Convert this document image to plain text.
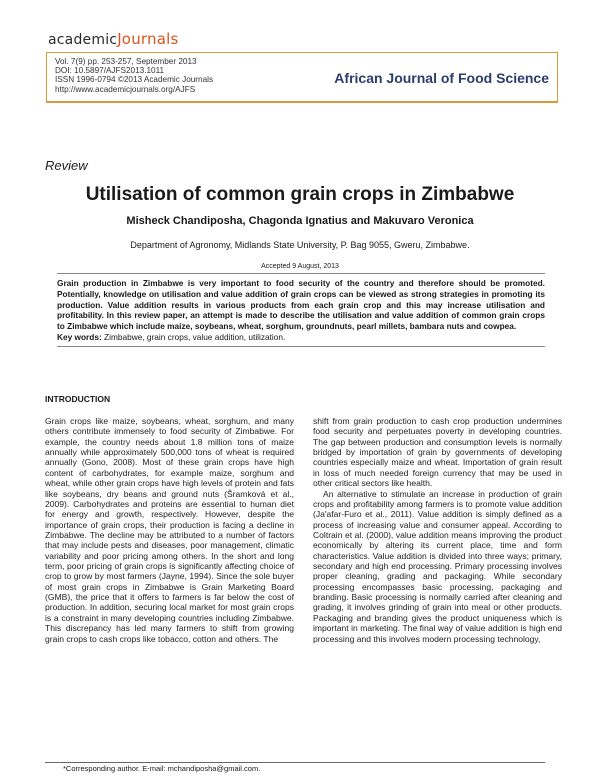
academicJournals
Vol. 7(9) pp. 253-257, September 2013
DOI: 10.5897/AJFS2013.1011
ISSN 1996-0794 ©2013 Academic Journals
http://www.academicjournals.org/AJFS
African Journal of Food Science
Review
Utilisation of common grain crops in Zimbabwe
Misheck Chandiposha, Chagonda Ignatius and Makuvaro Veronica
Department of Agronomy, Midlands State University, P. Bag 9055, Gweru, Zimbabwe.
Accepted 9 August, 2013
Grain production in Zimbabwe is very important to food security of the country and therefore should be promoted. Potentially, knowledge on utilisation and value addition of grain crops can be viewed as strong strategies in promoting its production. Value addition results in various products from each grain crop and this may increase utilisation and profitability. In this review paper, an attempt is made to describe the utilisation and value addition of common grain crops to Zimbabwe which include maize, soybeans, wheat, sorghum, groundnuts, pearl millets, bambara nuts and cowpea.
Key words: Zimbabwe, grain crops, value addition, utilization.
INTRODUCTION

Grain crops like maize, soybeans, wheat, sorghum, and many others contribute immensely to food security of Zimbabwe. For example, the country needs about 1.8 million tons of maize annually while approximately 500,000 tons of wheat is required annually (Gono, 2008). Most of these grain crops have high content of carbohydrates, for example maize, sorghum and wheat, while other grain crops have high levels of protein and fats like soybeans, dry beans and ground nuts (Šramková et al., 2009). Carbohydrates and proteins are essential to human diet for energy and growth, respectively. However, despite the importance of grain crops, their production is facing a decline in Zimbabwe. The decline may be attributed to a number of factors that may include pests and diseases, poor management, climatic variability and poor pricing among others. In the short and long term, poor pricing of grain crops is significantly affecting choice of crop to grow by most farmers (Jayne, 1994). Since the sole buyer of most grain crops in Zimbabwe is Grain Marketing Board (GMB), the price that it offers to farmers is far below the cost of production. In addition, securing local market for most grain crops is a constraint in many developing countries including Zimbabwe. This discrepancy has led many farmers to shift from growing grain crops to cash crops like tobacco, cotton and others. The

shift from grain production to cash crop production undermines food security and perpetuates poverty in developing countries. The gap between production and consumption levels is normally bridged by importation of grain by governments of developing countries especially maize and wheat. Importation of grain result in loss of much needed foreign currency that may be used in other critical sectors like health.

An alternative to stimulate an increase in production of grain crops and profitability among farmers is to promote value addition (Ja'afar-Furo et al., 2011). Value addition is simply defined as a process of increasing value and consumer appeal. According to Coltrain et al. (2000), value addition means improving the product economically by altering its current place, time and form characteristics. Value addition is divided into three ways; primary, secondary and high end processing. Primary processing involves proper cleaning, grading and packaging. While secondary processing encompasses basic processing, packaging and branding. Basic processing is normally carried after cleaning and grading, it involves grinding of grain into meal or other products. Packaging and branding gives the product uniqueness which is important in marketing. The final way of value addition is high end processing and this involves modern processing technology,

*Corresponding author. E-mail: mchandiposha@gmail.com.
